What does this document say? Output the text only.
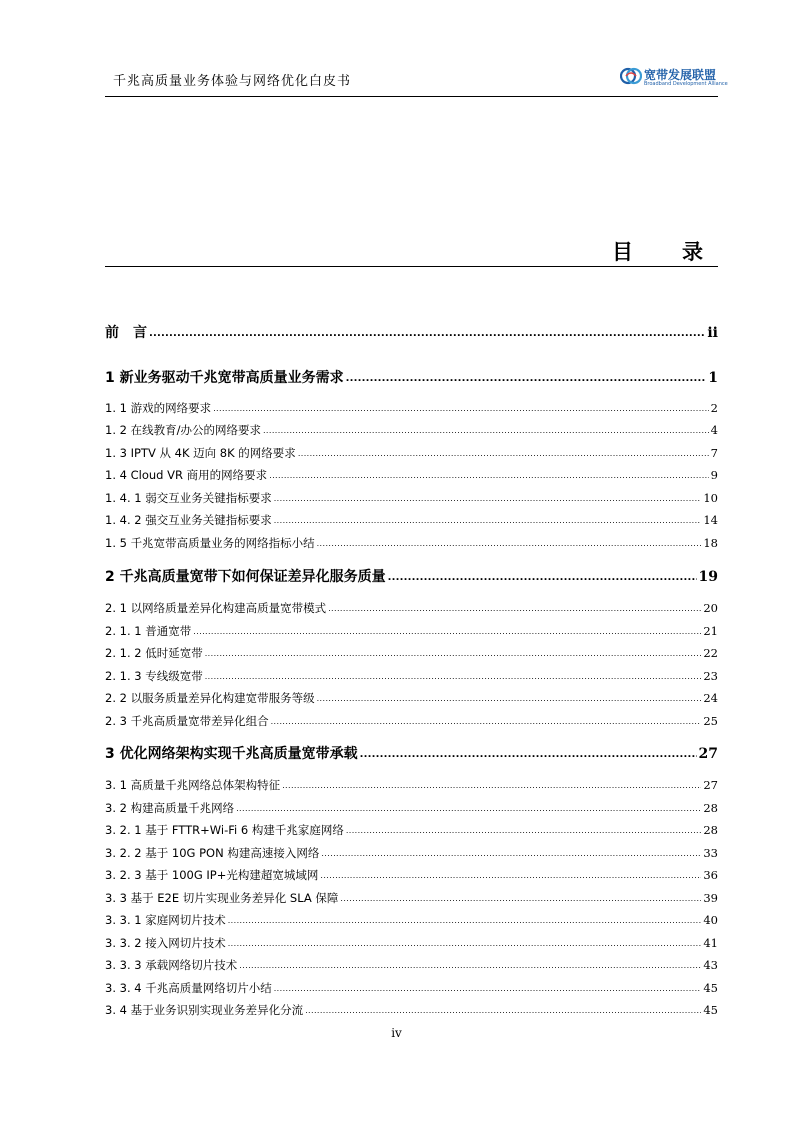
千兆高质量业务体验与网络优化白皮书	宽带发展联盟
Broadband Development Alliance
目　录
前　言 .....	ii
1 新业务驱动千兆宽带高质量业务需求 .....	1
1. 1 游戏的网络要求 .....	2
1. 2 在线教育/办公的网络要求 .....	4
1. 3 IPTV 从 4K 迈向 8K 的网络要求 .....	7
1. 4 Cloud VR 商用的网络要求 .....	9
1. 4. 1 弱交互业务关键指标要求 .....	10
1. 4. 2 强交互业务关键指标要求 .....	14
1. 5 千兆宽带高质量业务的网络指标小结 .....	18
2 千兆高质量宽带下如何保证差异化服务质量 .....	19
2. 1 以网络质量差异化构建高质量宽带模式 .....	20
2. 1. 1 普通宽带 .....	21
2. 1. 2 低时延宽带 .....	22
2. 1. 3 专线级宽带 .....	23
2. 2 以服务质量差异化构建宽带服务等级 .....	24
2. 3 千兆高质量宽带差异化组合 .....	25
3 优化网络架构实现千兆高质量宽带承载 .....	27
3. 1 高质量千兆网络总体架构特征 .....	27
3. 2 构建高质量千兆网络 .....	28
3. 2. 1 基于 FTTR+Wi-Fi 6 构建千兆家庭网络 .....	28
3. 2. 2 基于 10G PON 构建高速接入网络 .....	33
3. 2. 3 基于 100G IP+光构建超宽城域网 .....	36
3. 3 基于 E2E 切片实现业务差异化 SLA 保障 .....	39
3. 3. 1 家庭网切片技术 .....	40
3. 3. 2 接入网切片技术 .....	41
3. 3. 3 承载网络切片技术 .....	43
3. 3. 4 千兆高质量网络切片小结 .....	45
3. 4 基于业务识别实现业务差异化分流 .....	45
iv
